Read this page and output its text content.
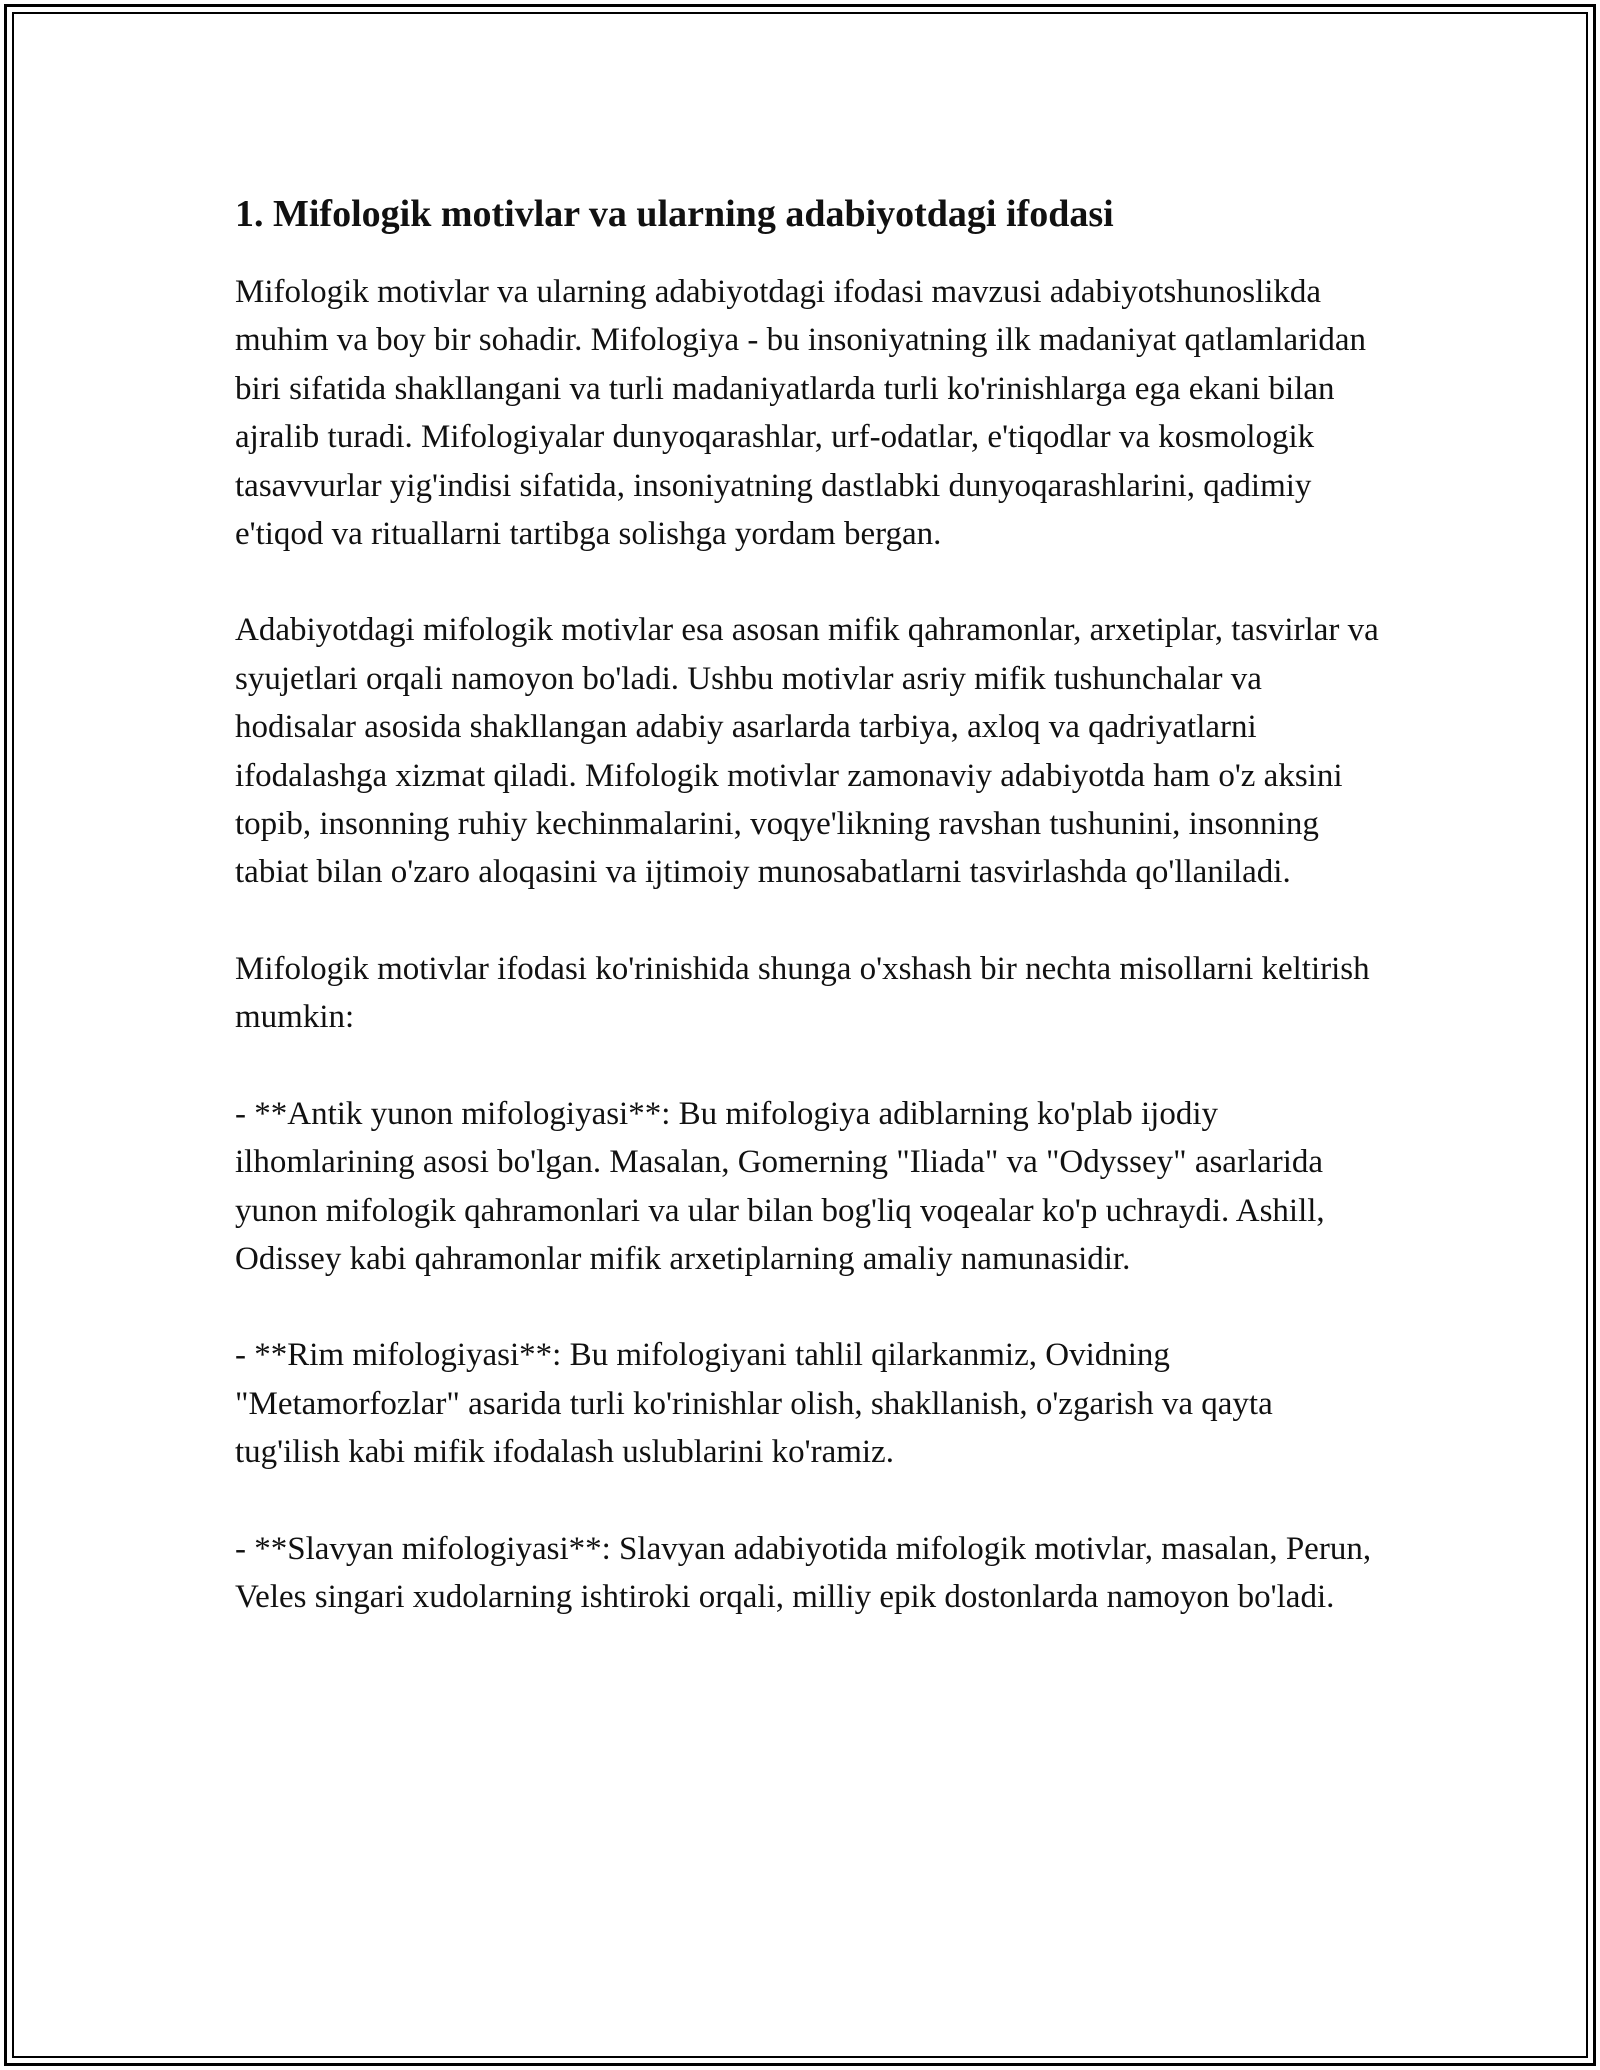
1. Mifologik motivlar va ularning adabiyotdagi ifodasi

Mifologik motivlar va ularning adabiyotdagi ifodasi mavzusi adabiyotshunoslikda muhim va boy bir sohadir. Mifologiya - bu insoniyatning ilk madaniyat qatlamlaridan biri sifatida shakllangani va turli madaniyatlarda turli ko'rinishlarga ega ekani bilan ajralib turadi. Mifologiyalar dunyoqarashlar, urf-odatlar, e'tiqodlar va kosmologik tasavvurlar yig'indisi sifatida, insoniyatning dastlabki dunyoqarashlarini, qadimiy e'tiqod va rituallarni tartibga solishga yordam bergan.

Adabiyotdagi mifologik motivlar esa asosan mifik qahramonlar, arxetiplar, tasvirlar va syujetlari orqali namoyon bo'ladi. Ushbu motivlar asriy mifik tushunchalar va hodisalar asosida shakllangan adabiy asarlarda tarbiya, axloq va qadriyatlarni ifodalashga xizmat qiladi. Mifologik motivlar zamonaviy adabiyotda ham o'z aksini topib, insonning ruhiy kechinmalarini, voqye'likning ravshan tushunini, insonning tabiat bilan o'zaro aloqasini va ijtimoiy munosabatlarni tasvirlashda qo'llaniladi.

Mifologik motivlar ifodasi ko'rinishida shunga o'xshash bir nechta misollarni keltirish mumkin:

- **Antik yunon mifologiyasi**: Bu mifologiya adiblarning ko'plab ijodiy ilhomlarining asosi bo'lgan. Masalan, Gomerning "Iliada" va "Odyssey" asarlarida yunon mifologik qahramonlari va ular bilan bog'liq voqealar ko'p uchraydi. Ashill, Odissey kabi qahramonlar mifik arxetiplarning amaliy namunasidir.

- **Rim mifologiyasi**: Bu mifologiyani tahlil qilarkanmiz, Ovidning "Metamorfozlar" asarida turli ko'rinishlar olish, shakllanish, o'zgarish va qayta tug'ilish kabi mifik ifodalash uslublarini ko'ramiz.

- **Slavyan mifologiyasi**: Slavyan adabiyotida mifologik motivlar, masalan, Perun, Veles singari xudolarning ishtiroki orqali, milliy epik dostonlarda namoyon bo'ladi.
